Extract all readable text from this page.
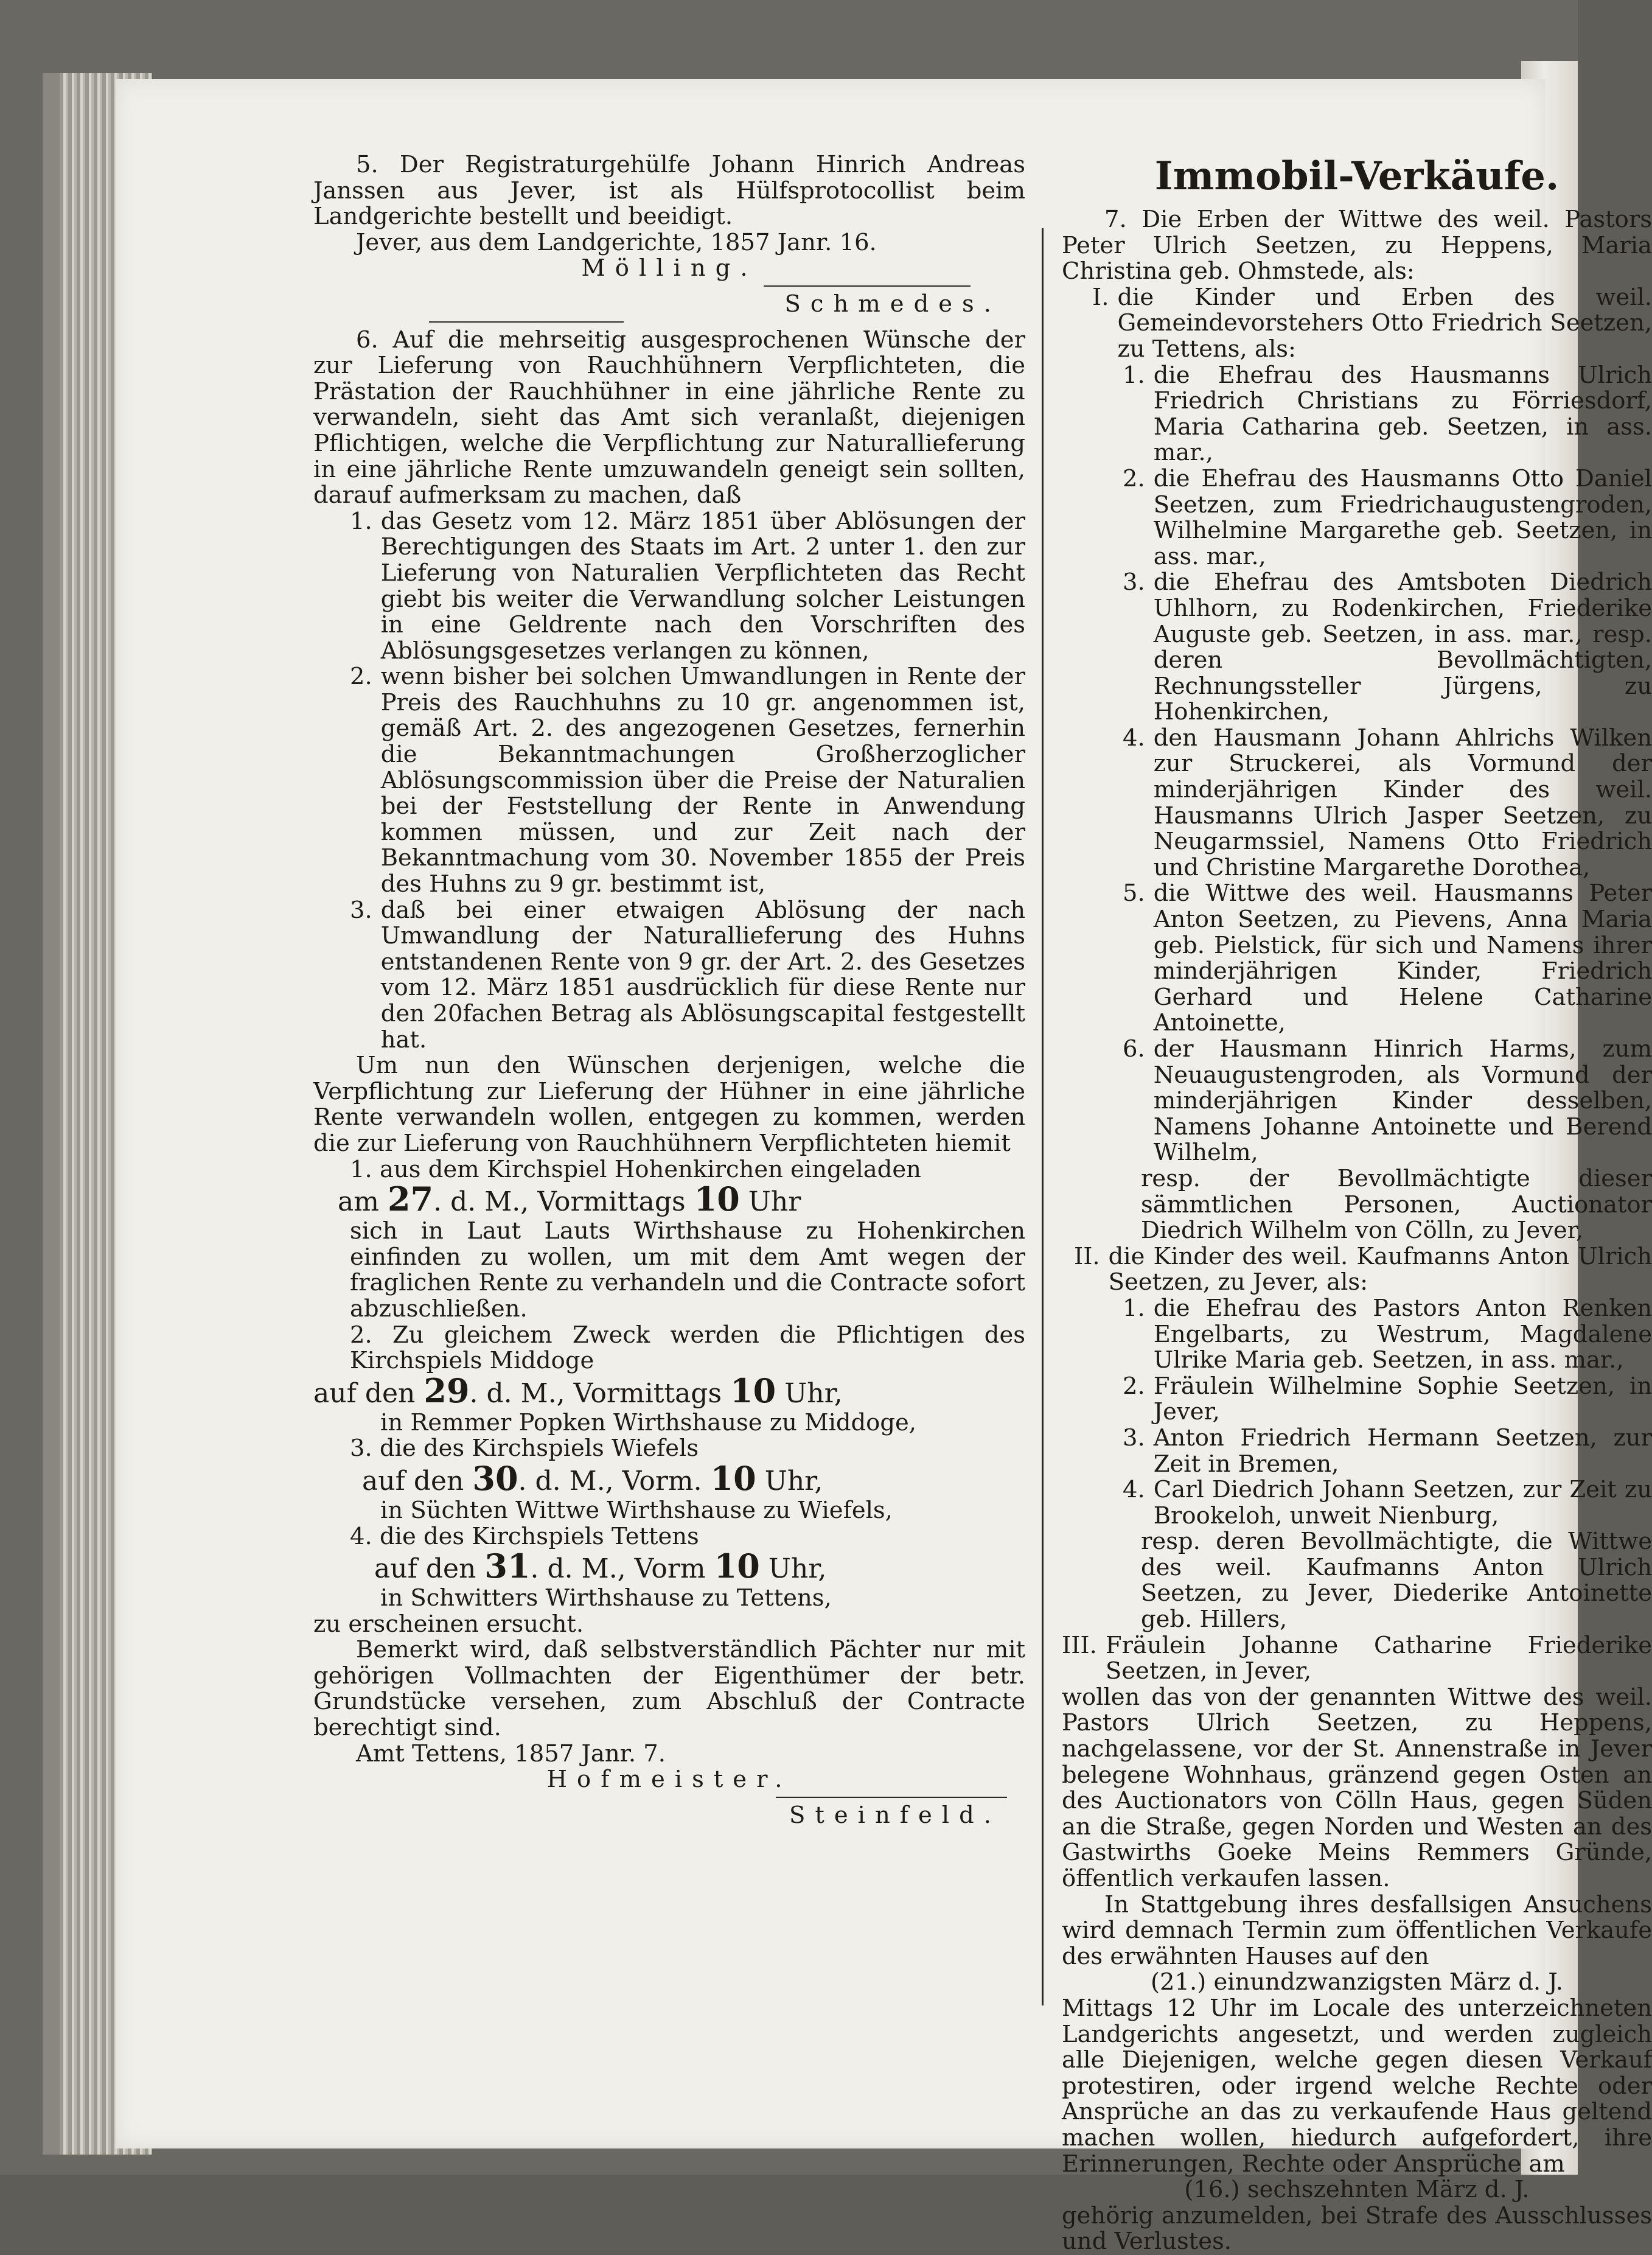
5. Der Registraturgehülfe Johann Hinrich Andreas Janssen aus Jever, ist als Hülfsprotocollist beim Landgerichte bestellt und beeidigt.
Jever, aus dem Landgerichte, 1857 Janr. 16.
Mölling.
Schmedes.
6. Auf die mehrseitig ausgesprochenen Wünsche der zur Lieferung von Rauchhühnern Verpflichteten, die Prästation der Rauchhühner in eine jährliche Rente zu verwandeln, sieht das Amt sich veranlaßt, diejenigen Pflichtigen, welche die Verpflichtung zur Naturallieferung in eine jährliche Rente umzuwandeln geneigt sein sollten, darauf aufmerksam zu machen, daß
1. das Gesetz vom 12. März 1851 über Ablösungen der Berechtigungen des Staats im Art. 2 unter 1. den zur Lieferung von Naturalien Verpflichteten das Recht giebt bis weiter die Verwandlung solcher Leistungen in eine Geldrente nach den Vorschriften des Ablösungsgesetzes verlangen zu können,
2. wenn bisher bei solchen Umwandlungen in Rente der Preis des Rauchhuhns zu 10 gr. angenommen ist, gemäß Art. 2. des angezogenen Gesetzes, fernerhin die Bekanntmachungen Großherzoglicher Ablösungscommission über die Preise der Naturalien bei der Feststellung der Rente in Anwendung kommen müssen, und zur Zeit nach der Bekanntmachung vom 30. November 1855 der Preis des Huhns zu 9 gr. bestimmt ist,
3. daß bei einer etwaigen Ablösung der nach Umwandlung der Naturallieferung des Huhns entstandenen Rente von 9 gr. der Art. 2. des Gesetzes vom 12. März 1851 ausdrücklich für diese Rente nur den 20fachen Betrag als Ablösungscapital festgestellt hat.
Um nun den Wünschen derjenigen, welche die Verpflichtung zur Lieferung der Hühner in eine jährliche Rente verwandeln wollen, entgegen zu kommen, werden die zur Lieferung von Rauchhühnern Verpflichteten hiemit
1. aus dem Kirchspiel Hohenkirchen eingeladen
am 27. d. M., Vormittags 10 Uhr
sich in Laut Lauts Wirthshause zu Hohenkirchen einfinden zu wollen, um mit dem Amt wegen der fraglichen Rente zu verhandeln und die Contracte sofort abzuschließen.
2. Zu gleichem Zweck werden die Pflichtigen des Kirchspiels Middoge
auf den 29. d. M., Vormittags 10 Uhr,
in Remmer Popken Wirthshause zu Middoge,
3. die des Kirchspiels Wiefels
auf den 30. d. M., Vorm. 10 Uhr,
in Süchten Wittwe Wirthshause zu Wiefels,
4. die des Kirchspiels Tettens
auf den 31. d. M., Vorm 10 Uhr,
in Schwitters Wirthshause zu Tettens,
zu erscheinen ersucht.
Bemerkt wird, daß selbstverständlich Pächter nur mit gehörigen Vollmachten der Eigenthümer der betr. Grundstücke versehen, zum Abschluß der Contracte berechtigt sind.
Amt Tettens, 1857 Janr. 7.
Hofmeister.
Steinfeld.
Immobil-Verkäufe.
7. Die Erben der Wittwe des weil. Pastors Peter Ulrich Seetzen, zu Heppens, Maria Christina geb. Ohmstede, als:
I. die Kinder und Erben des weil. Gemeindevorstehers Otto Friedrich Seetzen, zu Tettens, als:
1. die Ehefrau des Hausmanns Ulrich Friedrich Christians zu Förriesdorf, Maria Catharina geb. Seetzen, in ass. mar.,
2. die Ehefrau des Hausmanns Otto Daniel Seetzen, zum Friedrichaugustengroden, Wilhelmine Margarethe geb. Seetzen, in ass. mar.,
3. die Ehefrau des Amtsboten Diedrich Uhlhorn, zu Rodenkirchen, Friederike Auguste geb. Seetzen, in ass. mar., resp. deren Bevollmächtigten, Rechnungssteller Jürgens, zu Hohenkirchen,
4. den Hausmann Johann Ahlrichs Wilken zur Struckerei, als Vormund der minderjährigen Kinder des weil. Hausmanns Ulrich Jasper Seetzen, zu Neugarmssiel, Namens Otto Friedrich und Christine Margarethe Dorothea,
5. die Wittwe des weil. Hausmanns Peter Anton Seetzen, zu Pievens, Anna Maria geb. Pielstick, für sich und Namens ihrer minderjährigen Kinder, Friedrich Gerhard und Helene Catharine Antoinette,
6. der Hausmann Hinrich Harms, zum Neuaugustengroden, als Vormund der minderjährigen Kinder desselben, Namens Johanne Antoinette und Berend Wilhelm,
resp. der Bevollmächtigte dieser sämmtlichen Personen, Auctionator Diedrich Wilhelm von Cölln, zu Jever,
II. die Kinder des weil. Kaufmanns Anton Ulrich Seetzen, zu Jever, als:
1. die Ehefrau des Pastors Anton Renken Engelbarts, zu Westrum, Magdalene Ulrike Maria geb. Seetzen, in ass. mar.,
2. Fräulein Wilhelmine Sophie Seetzen, in Jever,
3. Anton Friedrich Hermann Seetzen, zur Zeit in Bremen,
4. Carl Diedrich Johann Seetzen, zur Zeit zu Brookeloh, unweit Nienburg,
resp. deren Bevollmächtigte, die Wittwe des weil. Kaufmanns Anton Ulrich Seetzen, zu Jever, Diederike Antoinette geb. Hillers,
III. Fräulein Johanne Catharine Friederike Seetzen, in Jever,
wollen das von der genannten Wittwe des weil. Pastors Ulrich Seetzen, zu Heppens, nachgelassene, vor der St. Annenstraße in Jever belegene Wohnhaus, gränzend gegen Osten an des Auctionators von Cölln Haus, gegen Süden an die Straße, gegen Norden und Westen an des Gastwirths Goeke Meins Remmers Gründe, öffentlich verkaufen lassen.
In Stattgebung ihres desfallsigen Ansuchens wird demnach Termin zum öffentlichen Verkaufe des erwähnten Hauses auf den
(21.) einundzwanzigsten März d. J.
Mittags 12 Uhr im Locale des unterzeichneten Landgerichts angesetzt, und werden zugleich alle Diejenigen, welche gegen diesen Verkauf protestiren, oder irgend welche Rechte oder Ansprüche an das zu verkaufende Haus geltend machen wollen, hiedurch aufgefordert, ihre Erinnerungen, Rechte oder Ansprüche am
(16.) sechszehnten März d. J.
gehörig anzumelden, bei Strafe des Ausschlusses und Verlustes.
